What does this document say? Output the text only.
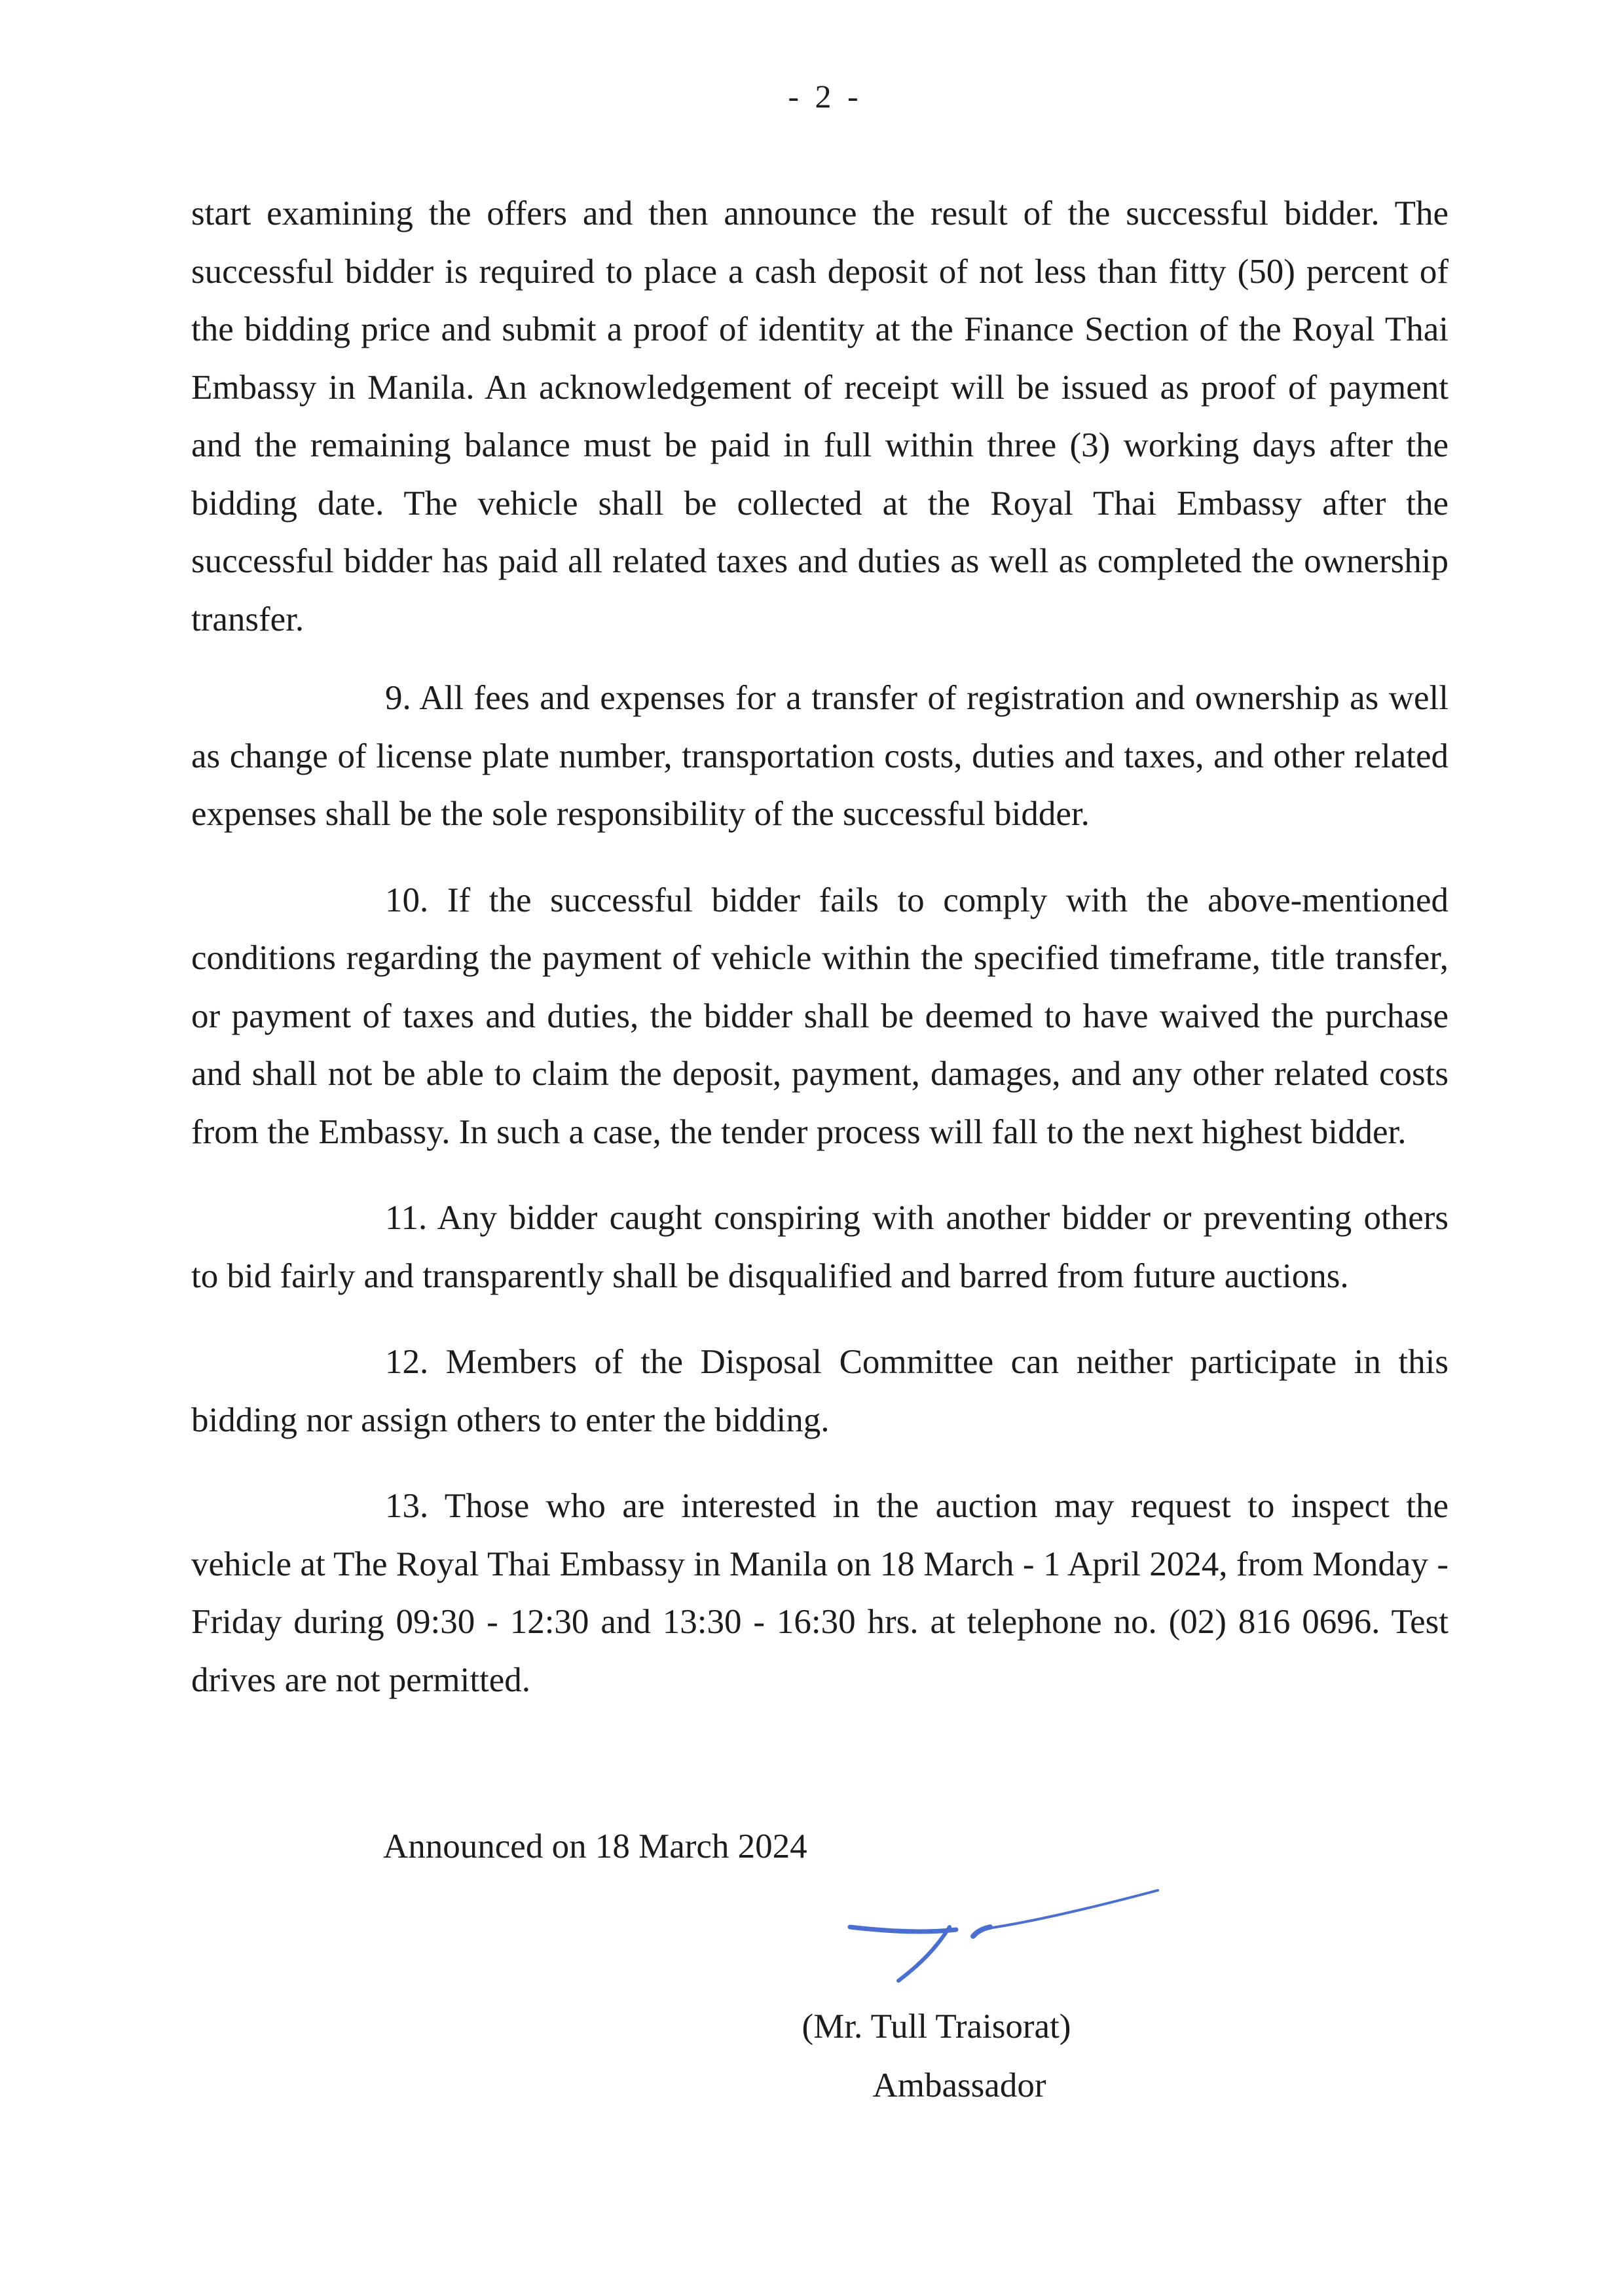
- 2 -

start examining the offers and then announce the result of the successful bidder. The successful bidder is required to place a cash deposit of not less than fitty (50) percent of the bidding price and submit a proof of identity at the Finance Section of the Royal Thai Embassy in Manila. An acknowledgement of receipt will be issued as proof of payment and the remaining balance must be paid in full within three (3) working days after the bidding date. The vehicle shall be collected at the Royal Thai Embassy after the successful bidder has paid all related taxes and duties as well as completed the ownership transfer.

9. All fees and expenses for a transfer of registration and ownership as well as change of license plate number, transportation costs, duties and taxes, and other related expenses shall be the sole responsibility of the successful bidder.

10. If the successful bidder fails to comply with the above-mentioned conditions regarding the payment of vehicle within the specified timeframe, title transfer, or payment of taxes and duties, the bidder shall be deemed to have waived the purchase and shall not be able to claim the deposit, payment, damages, and any other related costs from the Embassy. In such a case, the tender process will fall to the next highest bidder.

11. Any bidder caught conspiring with another bidder or preventing others to bid fairly and transparently shall be disqualified and barred from future auctions.

12. Members of the Disposal Committee can neither participate in this bidding nor assign others to enter the bidding.

13. Those who are interested in the auction may request to inspect the vehicle at The Royal Thai Embassy in Manila on 18 March - 1 April 2024, from Monday - Friday during 09:30 - 12:30 and 13:30 - 16:30 hrs. at telephone no. (02) 816 0696. Test drives are not permitted.

Announced on 18 March 2024
(Mr. Tull Traisorat)
Ambassador
